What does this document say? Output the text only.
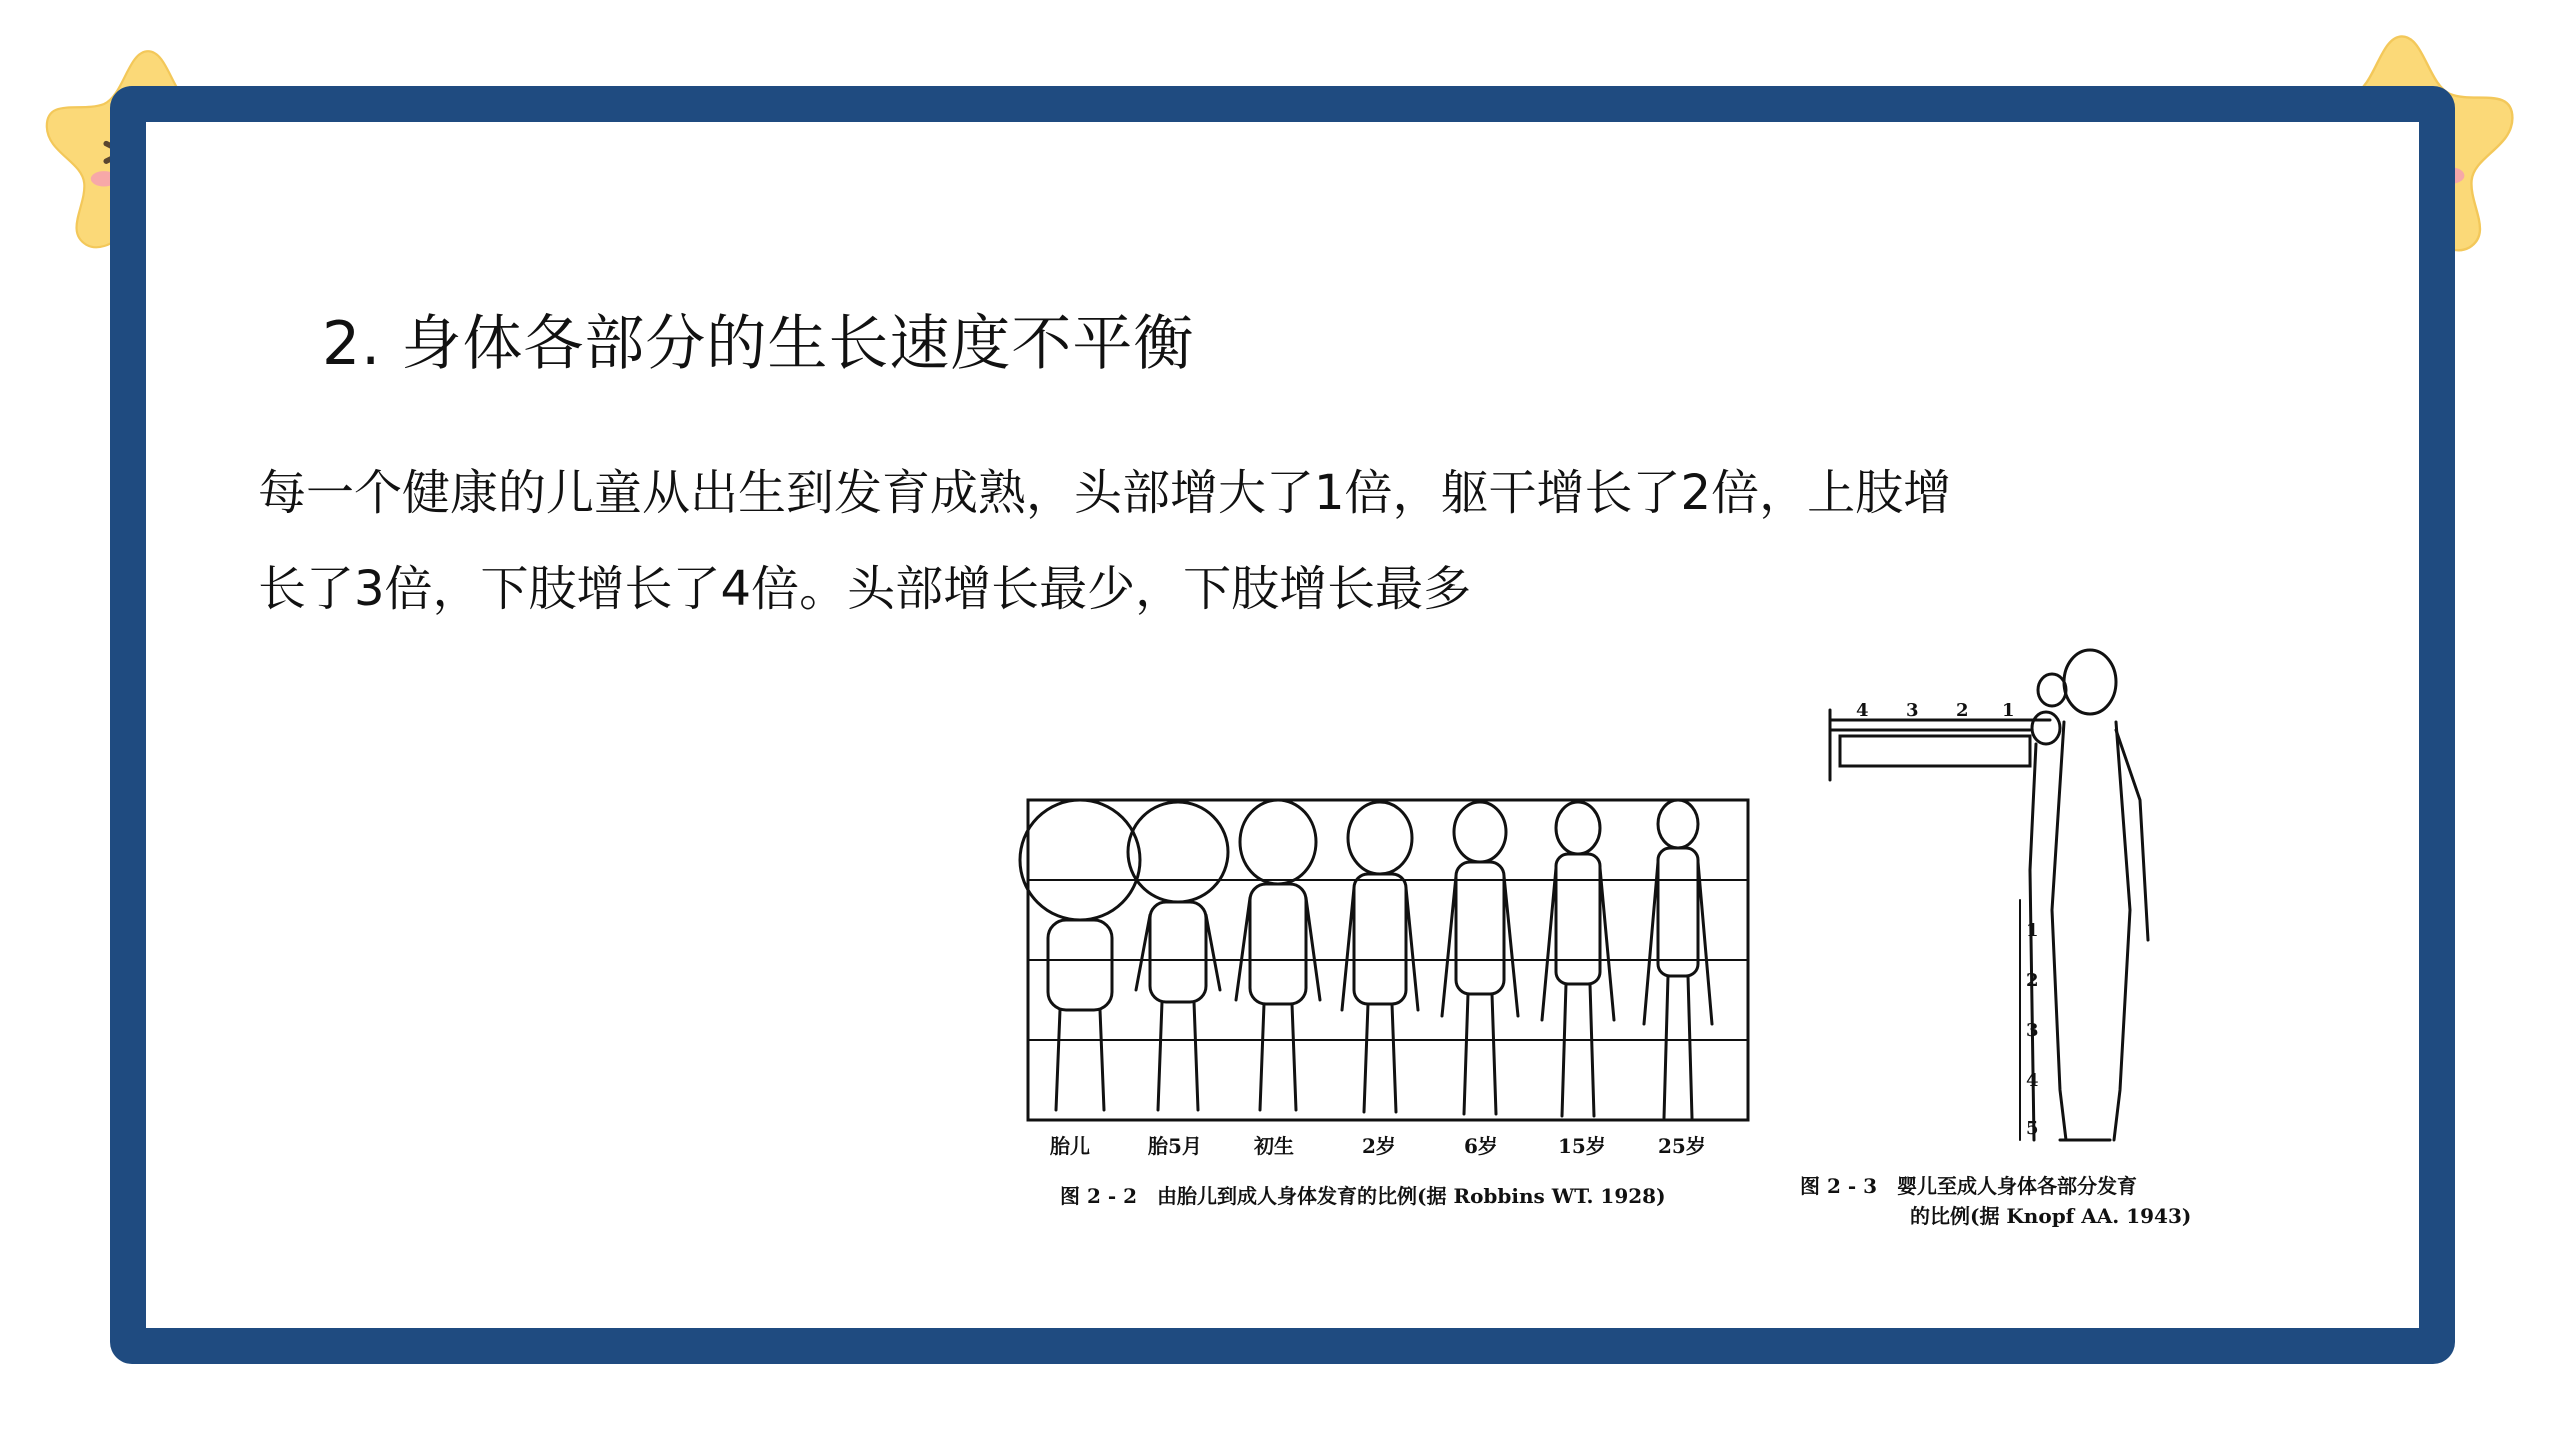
2. 身体各部分的生长速度不平衡

每一个健康的儿童从出生到发育成熟，头部增大了1倍，躯干增长了2倍，上肢增
长了3倍，下肢增长了4倍。头部增长最少，下肢增长最多

胎儿	胎5月	初生	2岁	6岁	15岁	25岁
图 2 - 2　由胎儿到成人身体发育的比例(据 Robbins WT. 1928)
4 3 2 1
1
2
3
4
5
图 2 - 3　婴儿至成人身体各部分发育
的比例(据 Knopf AA. 1943)
